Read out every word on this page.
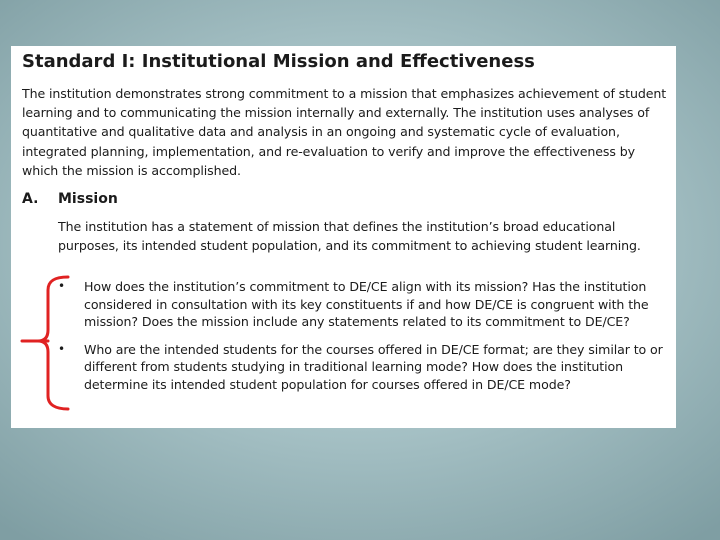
Standard I: Institutional Mission and Effectiveness

The institution demonstrates strong commitment to a mission that emphasizes achievement of student learning and to communicating the mission internally and externally. The institution uses analyses of quantitative and qualitative data and analysis in an ongoing and systematic cycle of evaluation, integrated planning, implementation, and re-evaluation to verify and improve the effectiveness by which the mission is accomplished.

A. Mission

The institution has a statement of mission that defines the institution’s broad educational purposes, its intended student population, and its commitment to achieving student learning.

• How does the institution’s commitment to DE/CE align with its mission? Has the institution considered in consultation with its key constituents if and how DE/CE is congruent with the mission? Does the mission include any statements related to its commitment to DE/CE?
• Who are the intended students for the courses offered in DE/CE format; are they similar to or different from students studying in traditional learning mode? How does the institution determine its intended student population for courses offered in DE/CE mode?
